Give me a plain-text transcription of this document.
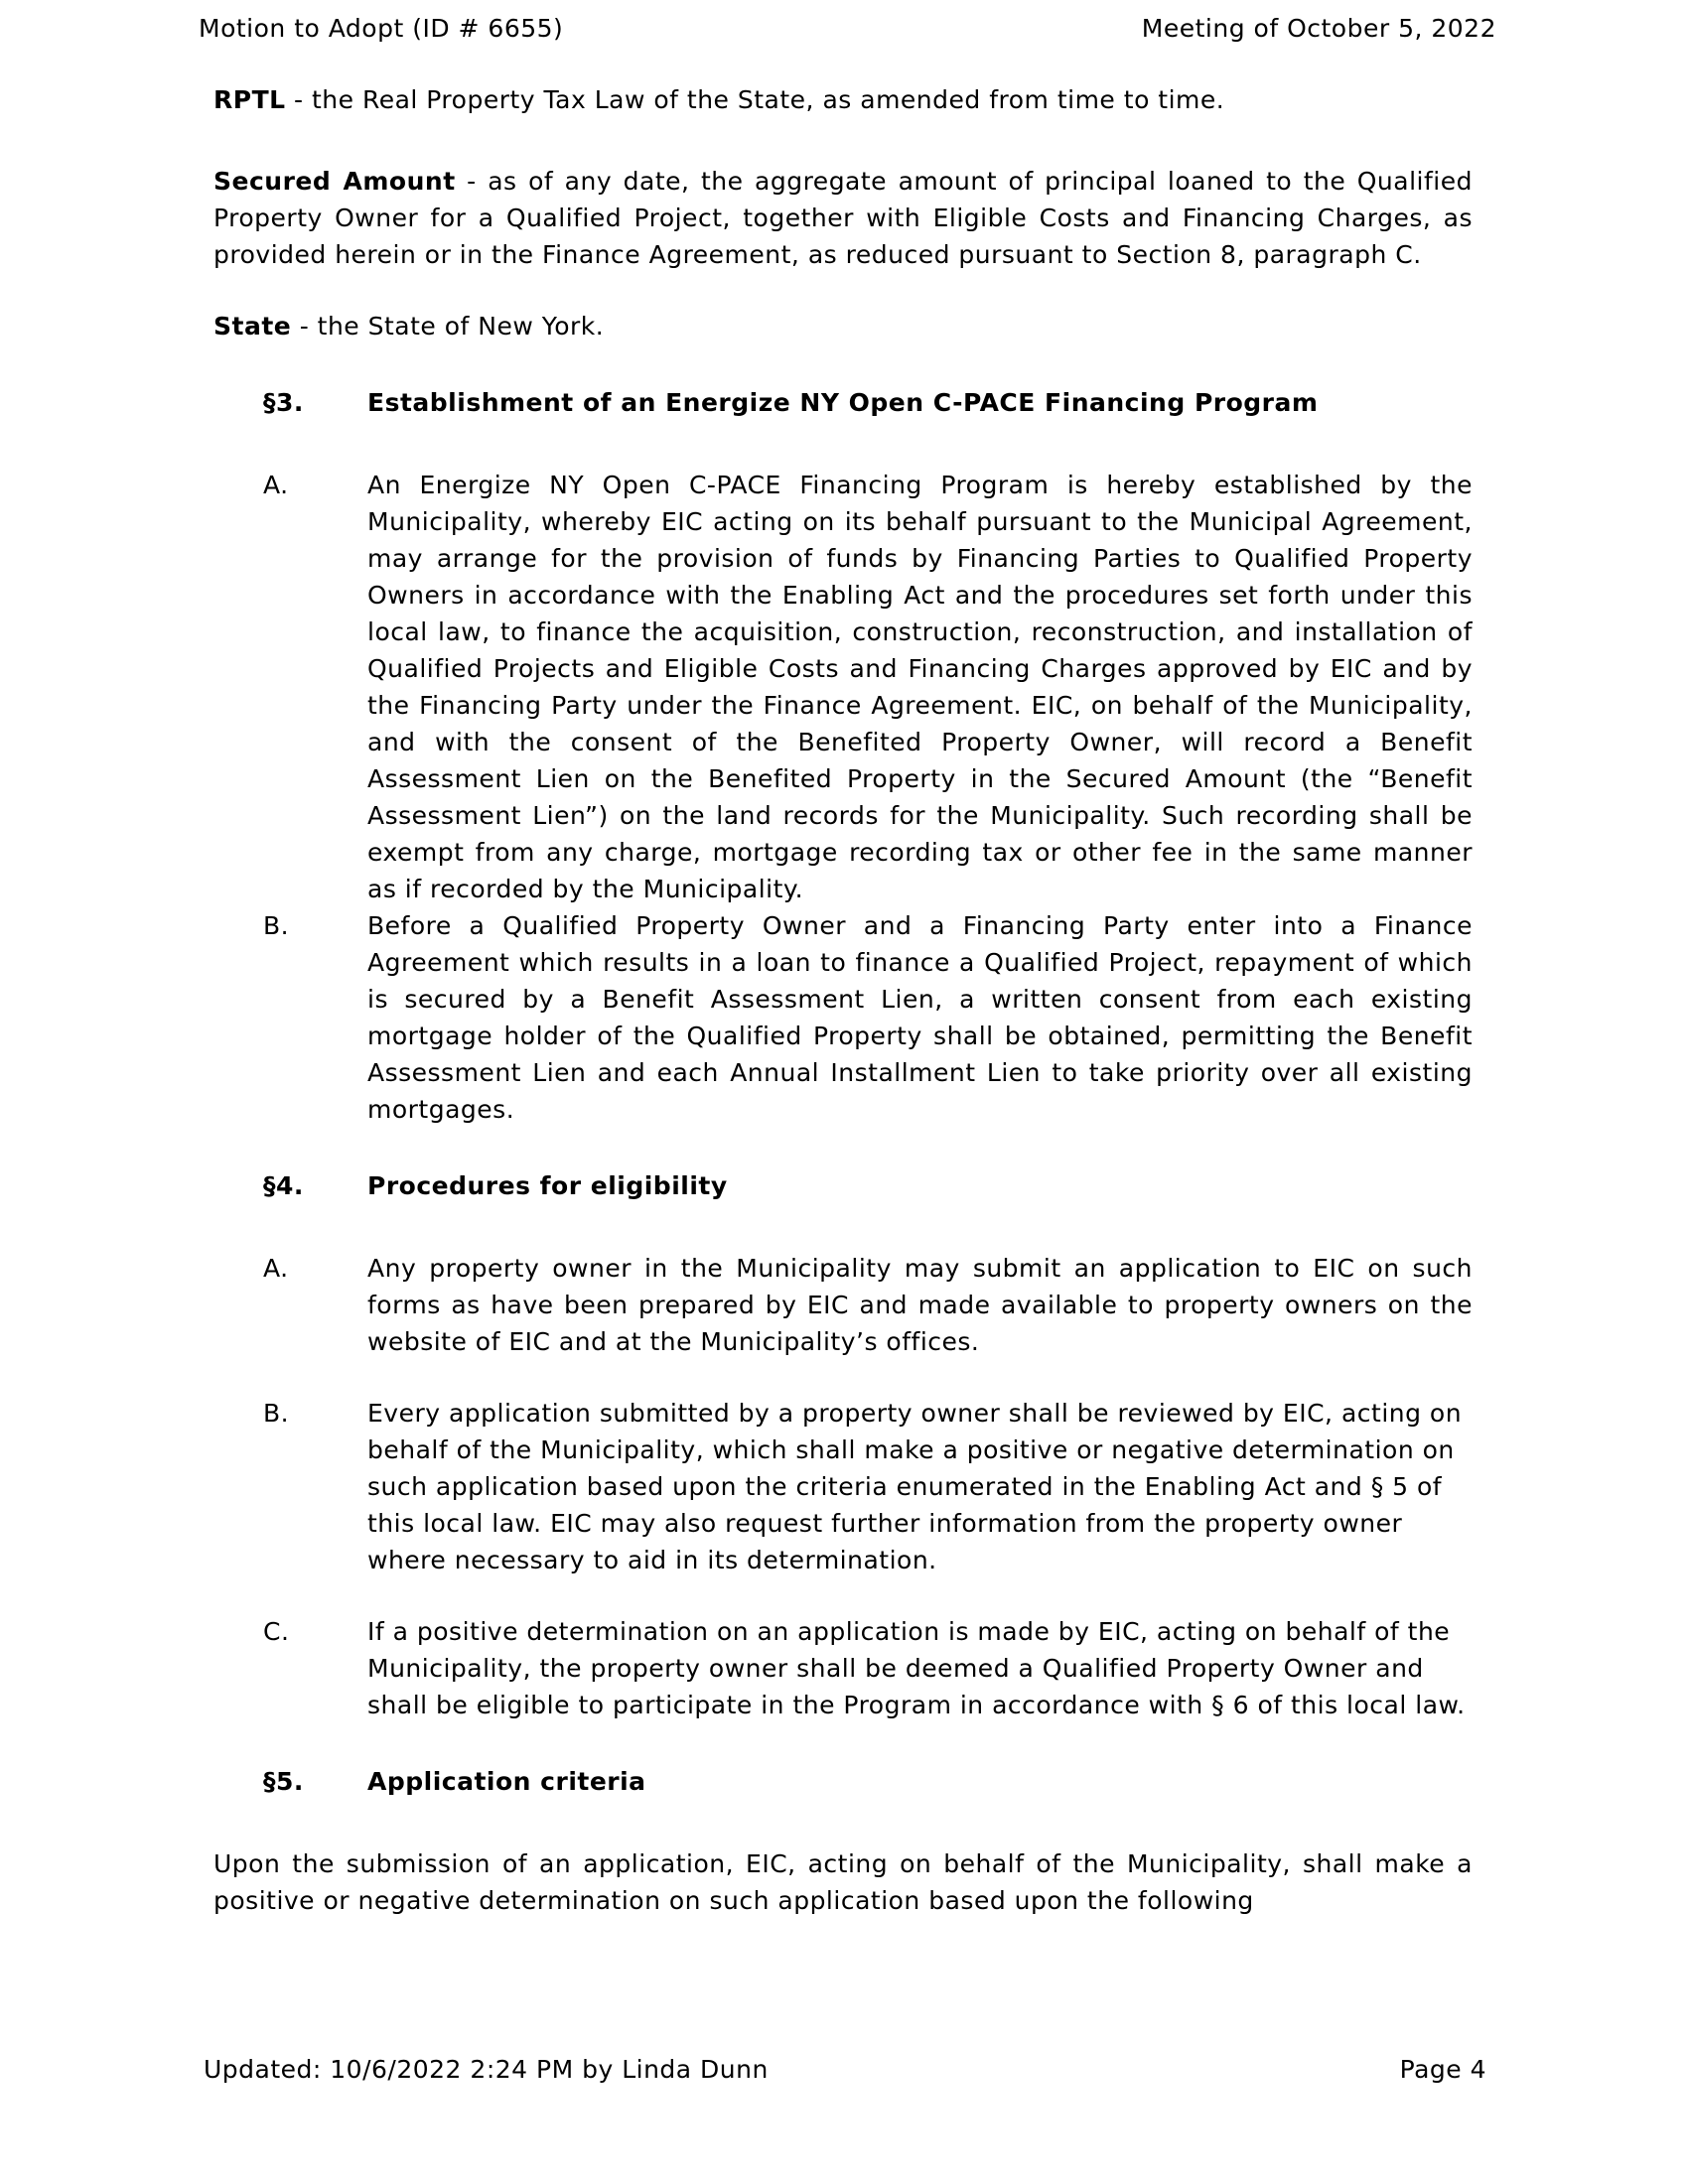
Motion to Adopt (ID # 6655)	Meeting of October 5, 2022

RPTL - the Real Property Tax Law of the State, as amended from time to time.

Secured Amount - as of any date, the aggregate amount of principal loaned to the Qualified Property Owner for a Qualified Project, together with Eligible Costs and Financing Charges, as provided herein or in the Finance Agreement, as reduced pursuant to Section 8, paragraph C.

State - the State of New York.

§3.	Establishment of an Energize NY Open C-PACE Financing Program
A.	An Energize NY Open C-PACE Financing Program is hereby established by the Municipality, whereby EIC acting on its behalf pursuant to the Municipal Agreement, may arrange for the provision of funds by Financing Parties to Qualified Property Owners in accordance with the Enabling Act and the procedures set forth under this local law, to finance the acquisition, construction, reconstruction, and installation of Qualified Projects and Eligible Costs and Financing Charges approved by EIC and by the Financing Party under the Finance Agreement. EIC, on behalf of the Municipality, and with the consent of the Benefited Property Owner, will record a Benefit Assessment Lien on the Benefited Property in the Secured Amount (the “Benefit Assessment Lien”) on the land records for the Municipality. Such recording shall be exempt from any charge, mortgage recording tax or other fee in the same manner as if recorded by the Municipality.
B.	Before a Qualified Property Owner and a Financing Party enter into a Finance Agreement which results in a loan to finance a Qualified Project, repayment of which is secured by a Benefit Assessment Lien, a written consent from each existing mortgage holder of the Qualified Property shall be obtained, permitting the Benefit Assessment Lien and each Annual Installment Lien to take priority over all existing mortgages.
§4.	Procedures for eligibility
A.	Any property owner in the Municipality may submit an application to EIC on such forms as have been prepared by EIC and made available to property owners on the website of EIC and at the Municipality’s offices.
B.	Every application submitted by a property owner shall be reviewed by EIC, acting on behalf of the Municipality, which shall make a positive or negative determination on such application based upon the criteria enumerated in the Enabling Act and § 5 of this local law. EIC may also request further information from the property owner where necessary to aid in its determination.
C.	If a positive determination on an application is made by EIC, acting on behalf of the Municipality, the property owner shall be deemed a Qualified Property Owner and shall be eligible to participate in the Program in accordance with § 6 of this local law.
§5.	Application criteria

Upon the submission of an application, EIC, acting on behalf of the Municipality, shall make a positive or negative determination on such application based upon the following

Updated: 10/6/2022 2:24 PM by Linda Dunn	Page 4
